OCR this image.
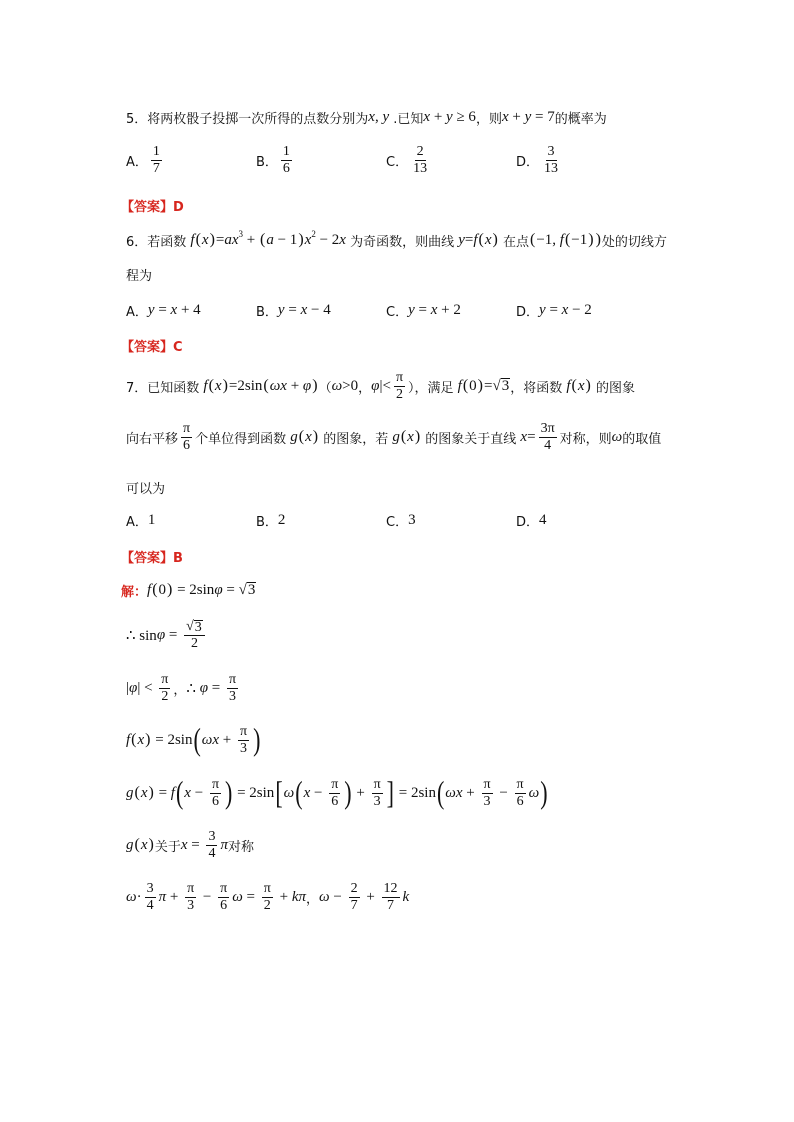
5．将两枚骰子投掷一次所得的点数分别为 x , y .已知 x + y ≥ 6 ，则 x + y = 7 的概率为
A． $\frac{1}{7}$	B． $\frac{1}{6}$	C． $\frac{2}{13}$	D． $\frac{3}{13}$
【答案】D
6．若函数 f ( x ) = ax 3 + ( a − 1 ) x 2 − 2 x 为奇函数，则曲线 y = f ( x ) 在点 ( −1, f ( −1 ) ) 处的切线方
程为
A． y = x + 4	B． y = x − 4	C． y = x + 2	D． y = x − 2
【答案】C
7．已知函数 f ( x ) =2sin ( ωx + φ ) （ ω >0 ， φ |< $\frac{\pi}{2}$ ），满足 f ( 0 ) = √ 3 ，将函数 f ( x ) 的图象
向右平移 $\frac{\pi}{6}$ 个单位得到函数 g ( x ) 的图象，若 g ( x ) 的图象关于直线 $x = \frac{3\pi}{4}$ 对称，则 ω 的取值
可以为
A． 1	B． 2	C． 3	D． 4
【答案】B
解： f ( 0 ) = 2sin φ = √ 3
∴ sin φ = √ $\frac{3}{2}$
| φ | < $\frac{\pi}{2}$ ， ∴ $\varphi = \frac{\pi}{3}$
f ( x ) = 2sin ( $\omega x + \frac{\pi}{3}$ )
g ( x ) = f ( $x - \frac{\pi}{6}$ ) = 2sin [ ω ( $x - \frac{\pi}{6}$ ) + $\frac{\pi}{3}$ ] = 2sin ( $\omega x + \frac{\pi}{3} - \frac{\pi}{6}$ ω )
g ( x ) 关于 $x = \frac{3}{4}$ π 对称
$\omega \cdot \frac{3}{4}$ $\pi + \frac{\pi}{3} - \frac{\pi}{6}$ $\omega = \frac{\pi}{2} + k\pi$ ， $\omega - \frac{2}{7} + \frac{12}{7}$ k
